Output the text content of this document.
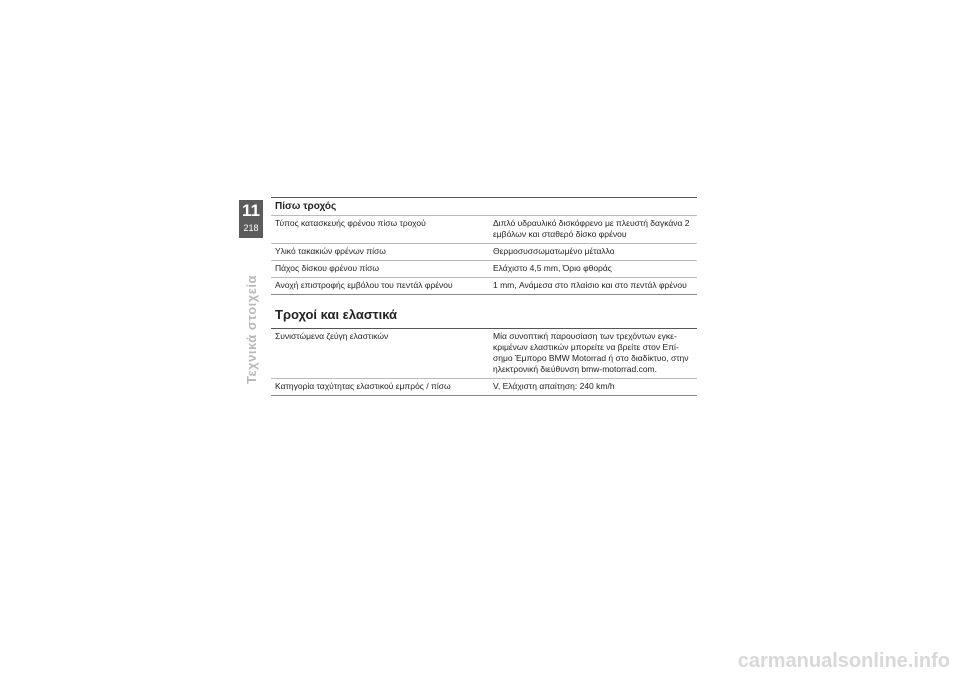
11
218
Τεχνικά στοιχεία
Πίσω τροχός
Τύπος κατασκευής φρένου πίσω τροχού	Διπλό υδραυλικό δισκόφρενο με πλευστή δαγκάνα 2 εμβόλων και σταθερό δίσκο φρένου
Υλικό τακακιών φρένων πίσω	Θερμοσυσσωματωμένο μέταλλο
Πάχος δίσκου φρένου πίσω	Ελάχιστο 4,5 mm, Όριο φθοράς
Ανοχή επιστροφής εμβόλου του πεντάλ φρένου	1 mm, Ανάμεσα στο πλαίσιο και στο πεντάλ φρένου
Τροχοί και ελαστικά
Συνιστώμενα ζεύγη ελαστικών	Μία συνοπτική παρουσίαση των τρεχόντων εγκε-κριμένων ελαστικών μπορείτε να βρείτε στον Επί-σημο Έμπορο BMW Motorrad ή στο διαδίκτυο, στην ηλεκτρονική διεύθυνση bmw-motorrad.com.
Κατηγορία ταχύτητας ελαστικού εμπρός / πίσω	V, Ελάχιστη απαίτηση: 240 km/h
carmanualsonline.info
